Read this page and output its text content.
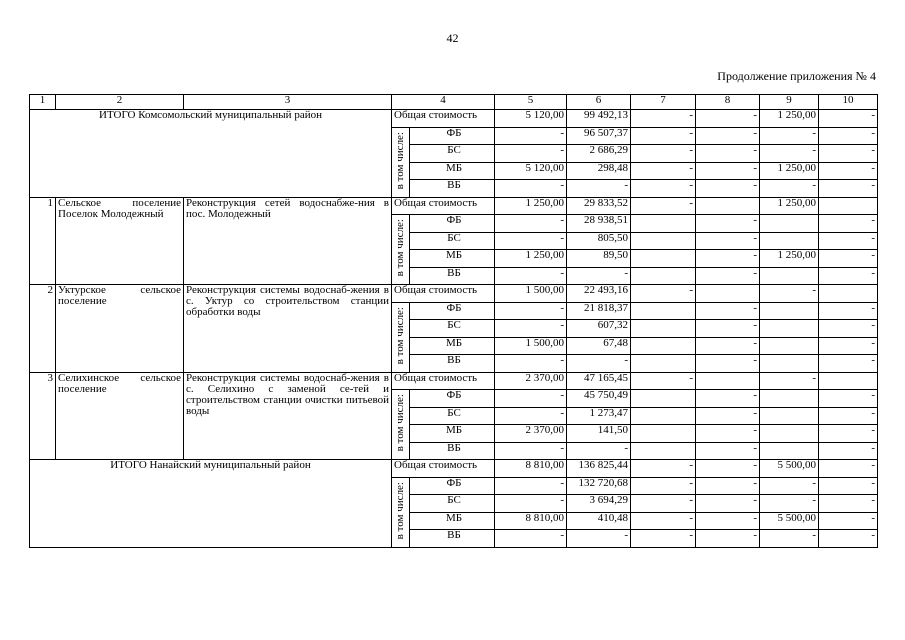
42
Продолжение приложения № 4
1	2	3	4		5	6	7	8	9	10
ИТОГО Комсомольский муниципальный район			Общая стоимость		5 120,00	99 492,13	-	-	1 250,00	-
			в том числе:	ФБ	-	96 507,37	-	-	-	-
				БС	-	2 686,29	-	-	-	-
				МБ	5 120,00	298,48	-	-	1 250,00	-
				ВБ	-	-	-	-	-	-
1	Сельское поселение Поселок Молодежный	Реконструкция сетей водоснабже-ния в пос. Молодежный	Общая стоимость		1 250,00	29 833,52	-		1 250,00	
			в том числе:	ФБ	-	28 938,51		-		-
				БС	-	805,50		-		-
				МБ	1 250,00	89,50		-	1 250,00	-
				ВБ	-	-		-		-
2	Уктурское сельское поселение	Реконструкция системы водоснаб-жения в с. Уктур со строительством станции обработки воды	Общая стоимость		1 500,00	22 493,16	-		-	
			в том числе:	ФБ	-	21 818,37		-		-
				БС	-	607,32		-		-
				МБ	1 500,00	67,48		-		-
				ВБ	-	-		-		-
3	Селихинское сельское поселение	Реконструкция системы водоснаб-жения в с. Селихино с заменой се-тей и строительством станции очистки питьевой воды	Общая стоимость		2 370,00	47 165,45	-		-	
			в том числе:	ФБ	-	45 750,49		-		-
				БС	-	1 273,47		-		-
				МБ	2 370,00	141,50		-		-
				ВБ	-	-		-		-
ИТОГО Нанайский муниципальный район			Общая стоимость		8 810,00	136 825,44	-	-	5 500,00	-
			в том числе:	ФБ	-	132 720,68	-	-	-	-
				БС	-	3 694,29	-	-	-	-
				МБ	8 810,00	410,48	-	-	5 500,00	-
				ВБ	-	-	-	-	-	-
